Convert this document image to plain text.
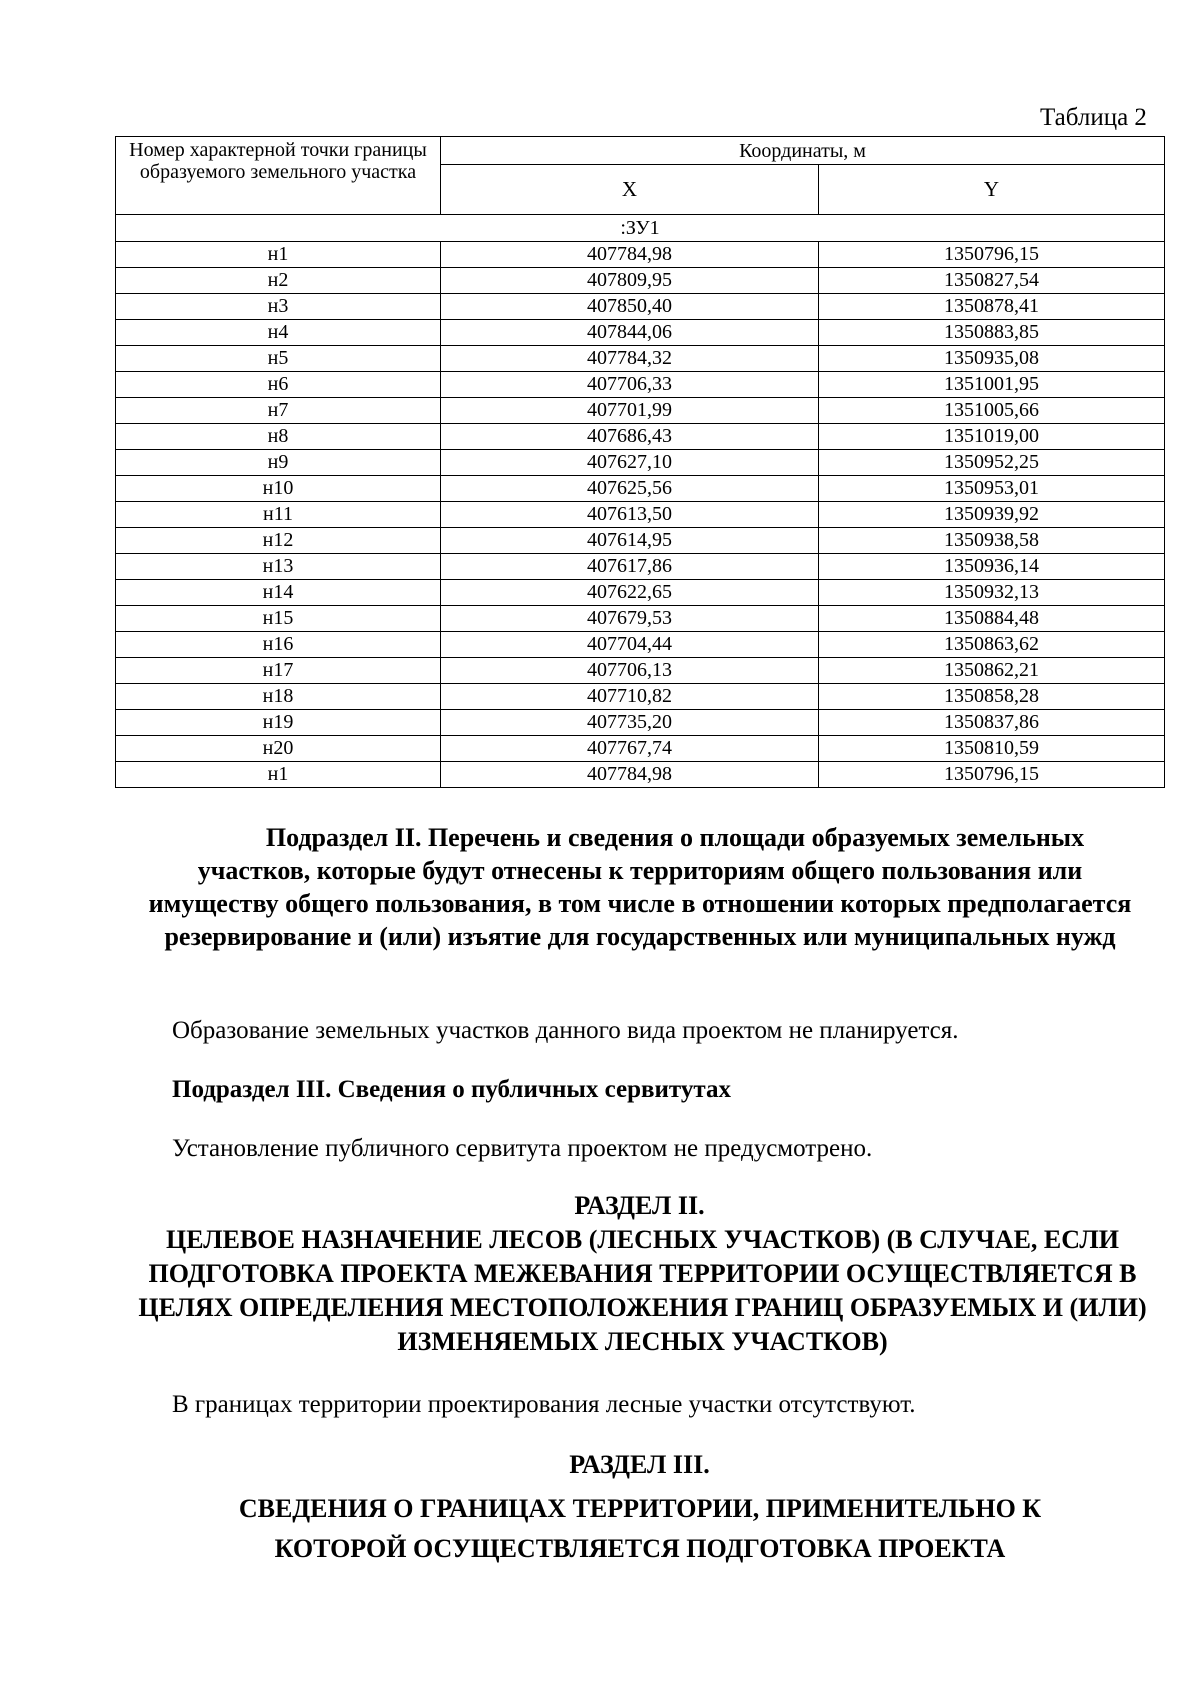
Таблица 2
Номер характерной точки границы образуемого земельного участка	Координаты, м	
	X	Y
:ЗУ1		
н1	407784,98	1350796,15
н2	407809,95	1350827,54
н3	407850,40	1350878,41
н4	407844,06	1350883,85
н5	407784,32	1350935,08
н6	407706,33	1351001,95
н7	407701,99	1351005,66
н8	407686,43	1351019,00
н9	407627,10	1350952,25
н10	407625,56	1350953,01
н11	407613,50	1350939,92
н12	407614,95	1350938,58
н13	407617,86	1350936,14
н14	407622,65	1350932,13
н15	407679,53	1350884,48
н16	407704,44	1350863,62
н17	407706,13	1350862,21
н18	407710,82	1350858,28
н19	407735,20	1350837,86
н20	407767,74	1350810,59
н1	407784,98	1350796,15
Подраздел II. Перечень и сведения о площади образуемых земельных участков, которые будут отнесены к территориям общего пользования или имуществу общего пользования, в том числе в отношении которых предполагается резервирование и (или) изъятие для государственных или муниципальных нужд
Образование земельных участков данного вида проектом не планируется.
Подраздел III. Сведения о публичных сервитутах
Установление публичного сервитута проектом не предусмотрено.
РАЗДЕЛ II.
ЦЕЛЕВОЕ НАЗНАЧЕНИЕ ЛЕСОВ (ЛЕСНЫХ УЧАСТКОВ) (В СЛУЧАЕ, ЕСЛИ ПОДГОТОВКА ПРОЕКТА МЕЖЕВАНИЯ ТЕРРИТОРИИ ОСУЩЕСТВЛЯЕТСЯ В ЦЕЛЯХ ОПРЕДЕЛЕНИЯ МЕСТОПОЛОЖЕНИЯ ГРАНИЦ ОБРАЗУЕМЫХ И (ИЛИ) ИЗМЕНЯЕМЫХ ЛЕСНЫХ УЧАСТКОВ)
В границах территории проектирования лесные участки отсутствуют.
РАЗДЕЛ III.
СВЕДЕНИЯ О ГРАНИЦАХ ТЕРРИТОРИИ, ПРИМЕНИТЕЛЬНО К КОТОРОЙ ОСУЩЕСТВЛЯЕТСЯ ПОДГОТОВКА ПРОЕКТА
